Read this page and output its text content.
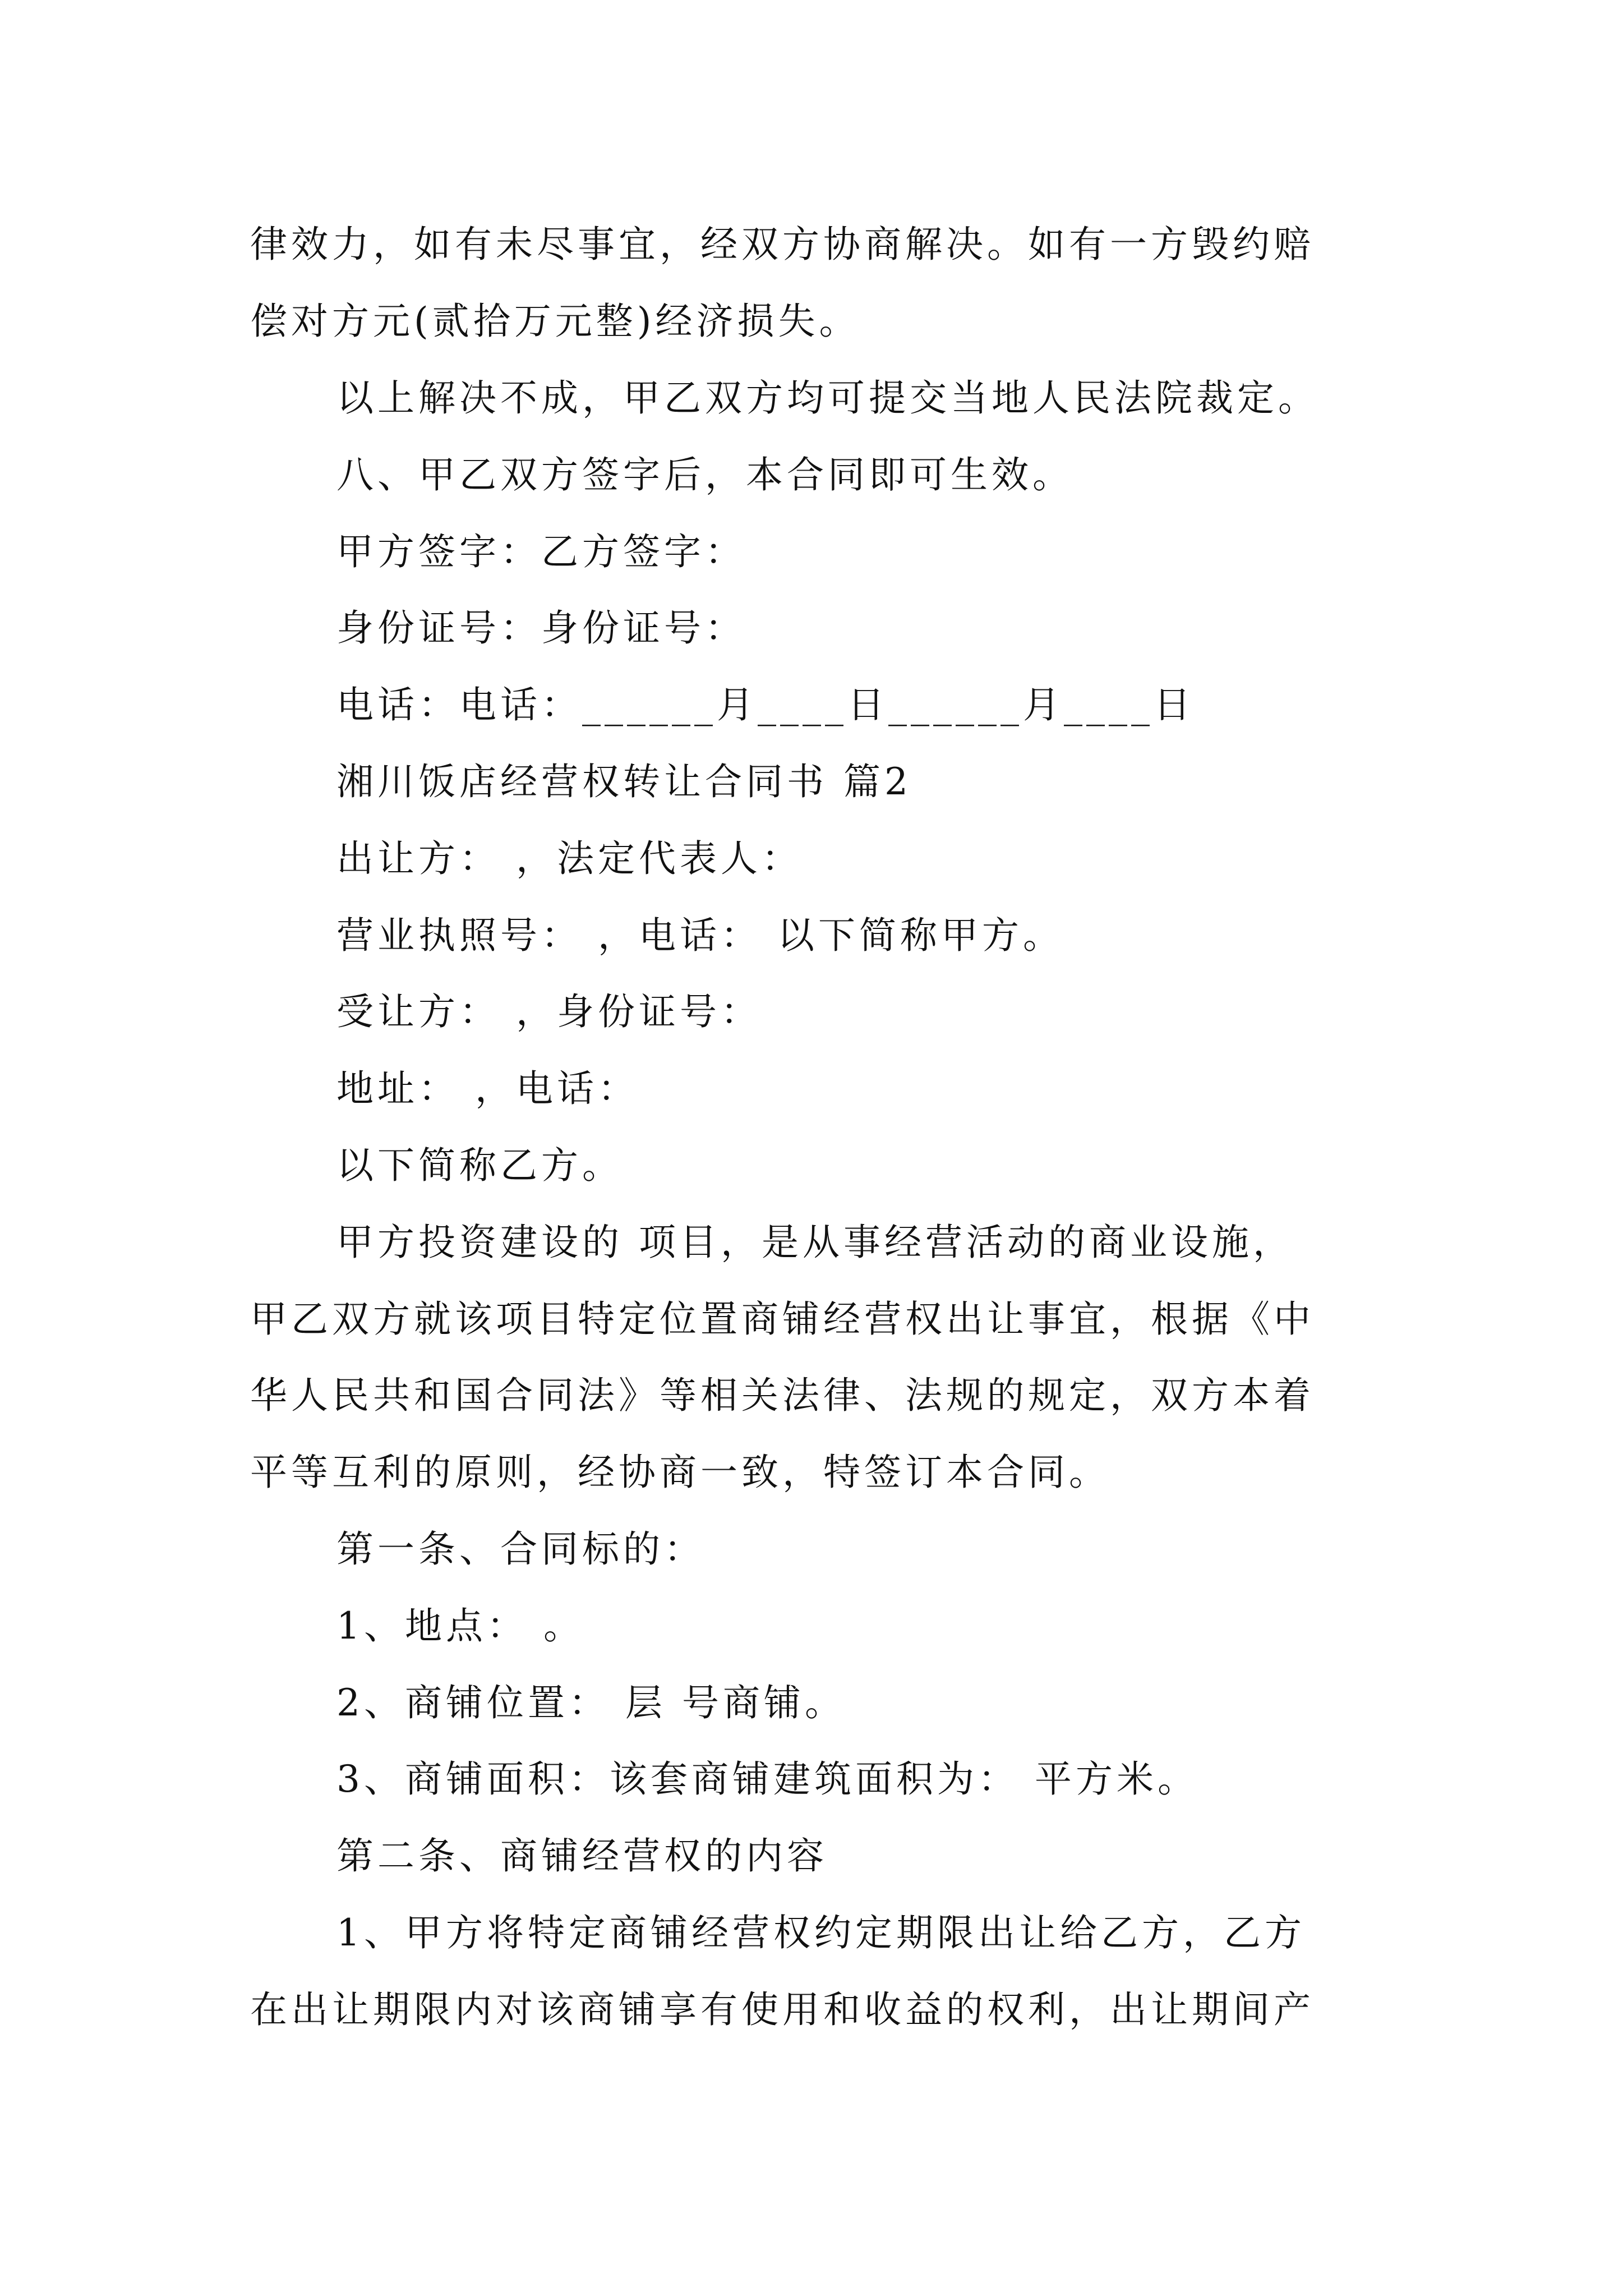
律效力，如有未尽事宜，经双方协商解决。如有一方毁约赔
偿对方元(贰拾万元整)经济损失。
以上解决不成，甲乙双方均可提交当地人民法院裁定。
八、甲乙双方签字后，本合同即可生效。
甲方签字：乙方签字：
身份证号：身份证号：
电话：电话：______月____日______月____日
湘川饭店经营权转让合同书 篇2
出让方： ，法定代表人：
营业执照号： ，电话： 以下简称甲方。
受让方： ，身份证号：
地址： ，电话：
以下简称乙方。
甲方投资建设的 项目，是从事经营活动的商业设施，
甲乙双方就该项目特定位置商铺经营权出让事宜，根据《中
华人民共和国合同法》等相关法律、法规的规定，双方本着
平等互利的原则，经协商一致，特签订本合同。
第一条、合同标的：
1、地点： 。
2、商铺位置： 层 号商铺。
3、商铺面积：该套商铺建筑面积为： 平方米。
第二条、商铺经营权的内容
1、甲方将特定商铺经营权约定期限出让给乙方，乙方
在出让期限内对该商铺享有使用和收益的权利，出让期间产
